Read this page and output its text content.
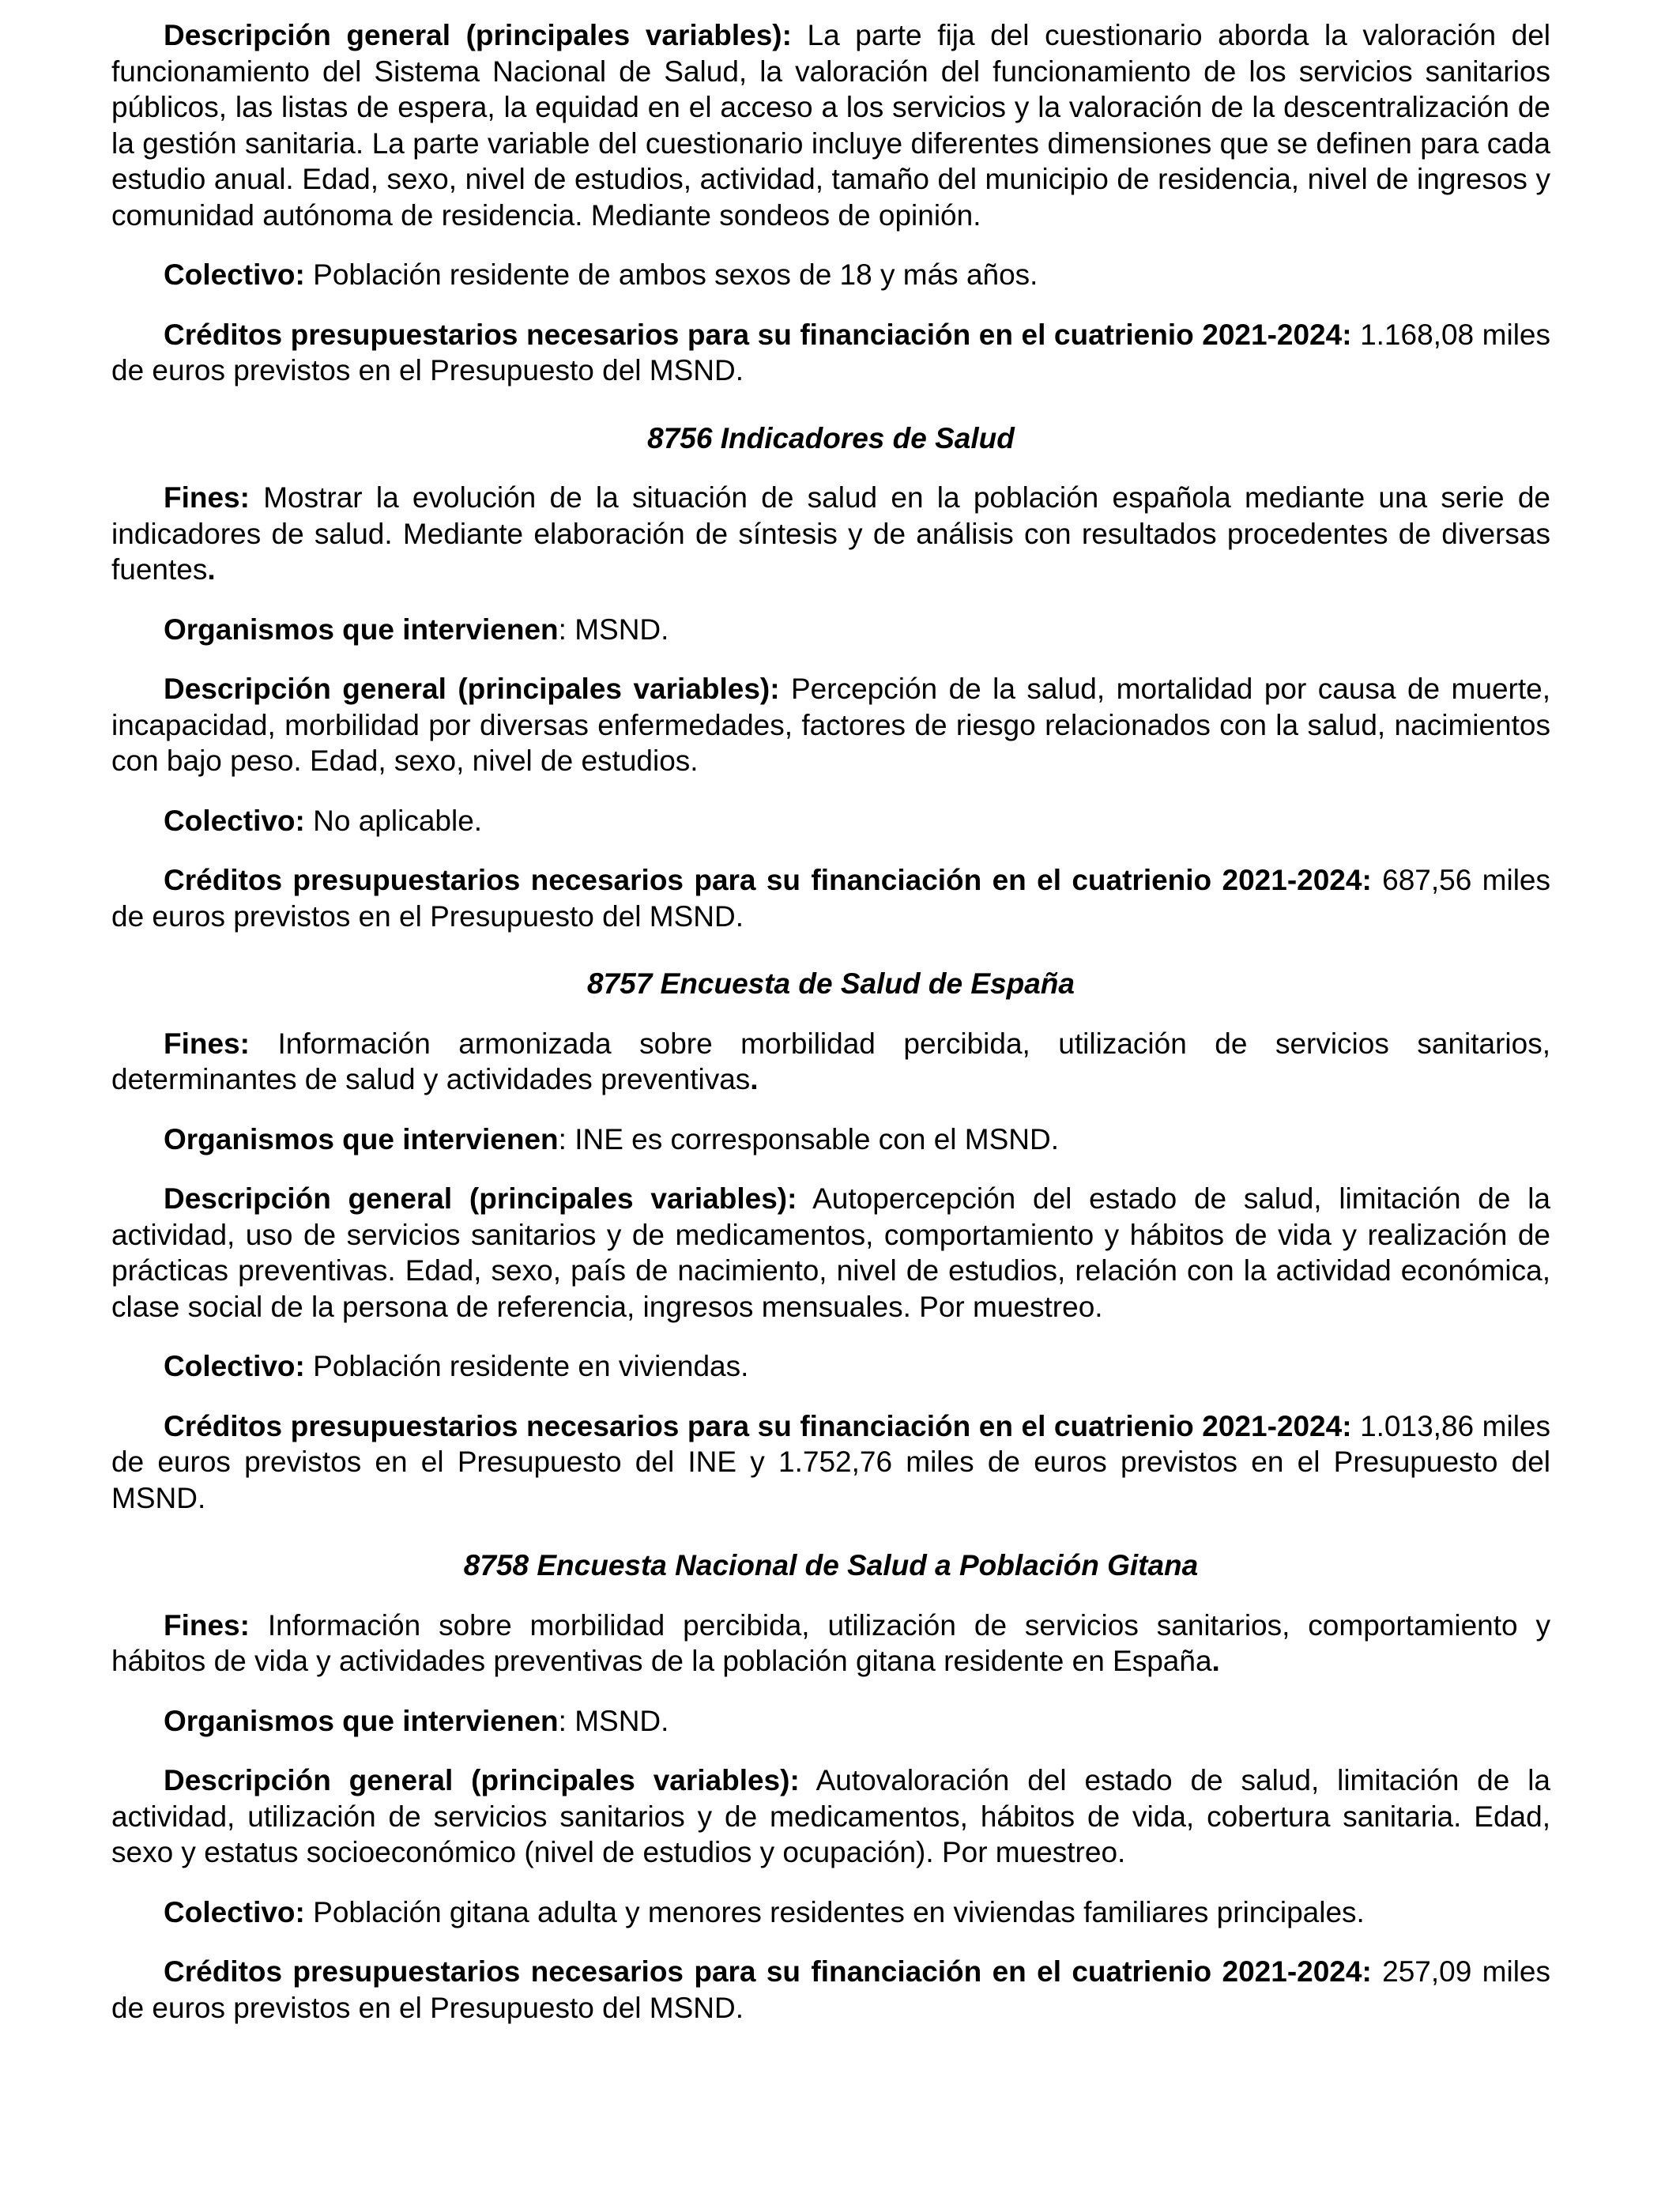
Descripción general (principales variables): La parte fija del cuestionario aborda la valoración del funcionamiento del Sistema Nacional de Salud, la valoración del funcionamiento de los servicios sanitarios públicos, las listas de espera, la equidad en el acceso a los servicios y la valoración de la descentralización de la gestión sanitaria. La parte variable del cuestionario incluye diferentes dimensiones que se definen para cada estudio anual. Edad, sexo, nivel de estudios, actividad, tamaño del municipio de residencia, nivel de ingresos y comunidad autónoma de residencia. Mediante sondeos de opinión.

Colectivo: Población residente de ambos sexos de 18 y más años.

Créditos presupuestarios necesarios para su financiación en el cuatrienio 2021-2024: 1.168,08 miles de euros previstos en el Presupuesto del MSND.

8756 Indicadores de Salud

Fines: Mostrar la evolución de la situación de salud en la población española mediante una serie de indicadores de salud. Mediante elaboración de síntesis y de análisis con resultados procedentes de diversas fuentes.

Organismos que intervienen: MSND.

Descripción general (principales variables): Percepción de la salud, mortalidad por causa de muerte, incapacidad, morbilidad por diversas enfermedades, factores de riesgo relacionados con la salud, nacimientos con bajo peso. Edad, sexo, nivel de estudios.

Colectivo: No aplicable.

Créditos presupuestarios necesarios para su financiación en el cuatrienio 2021-2024: 687,56 miles de euros previstos en el Presupuesto del MSND.

8757 Encuesta de Salud de España

Fines: Información armonizada sobre morbilidad percibida, utilización de servicios sanitarios, determinantes de salud y actividades preventivas.

Organismos que intervienen: INE es corresponsable con el MSND.

Descripción general (principales variables): Autopercepción del estado de salud, limitación de la actividad, uso de servicios sanitarios y de medicamentos, comportamiento y hábitos de vida y realización de prácticas preventivas. Edad, sexo, país de nacimiento, nivel de estudios, relación con la actividad económica, clase social de la persona de referencia, ingresos mensuales. Por muestreo.

Colectivo: Población residente en viviendas.

Créditos presupuestarios necesarios para su financiación en el cuatrienio 2021-2024: 1.013,86 miles de euros previstos en el Presupuesto del INE y 1.752,76 miles de euros previstos en el Presupuesto del MSND.

8758 Encuesta Nacional de Salud a Población Gitana

Fines: Información sobre morbilidad percibida, utilización de servicios sanitarios, comportamiento y hábitos de vida y actividades preventivas de la población gitana residente en España.

Organismos que intervienen: MSND.

Descripción general (principales variables): Autovaloración del estado de salud, limitación de la actividad, utilización de servicios sanitarios y de medicamentos, hábitos de vida, cobertura sanitaria. Edad, sexo y estatus socioeconómico (nivel de estudios y ocupación). Por muestreo.

Colectivo: Población gitana adulta y menores residentes en viviendas familiares principales.

Créditos presupuestarios necesarios para su financiación en el cuatrienio 2021-2024: 257,09 miles de euros previstos en el Presupuesto del MSND.
